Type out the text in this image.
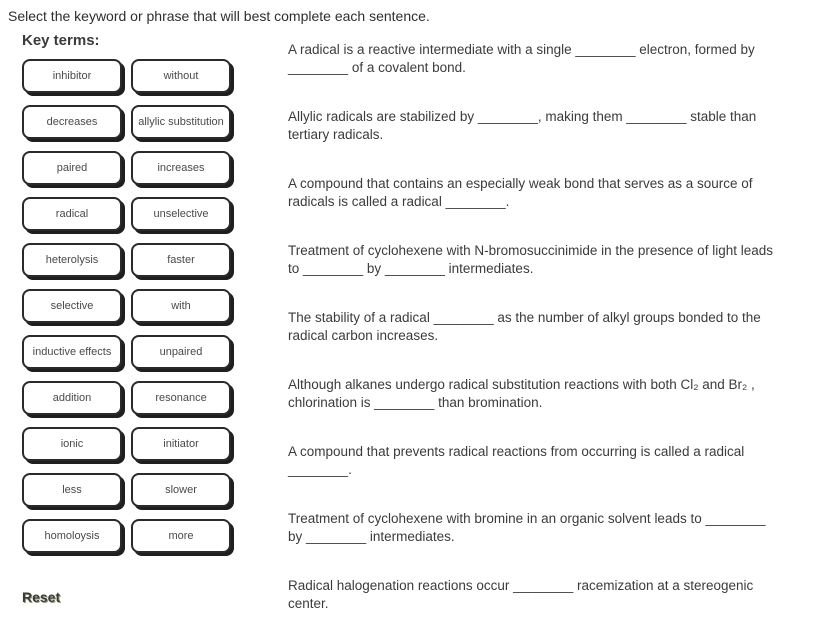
Select the keyword or phrase that will best complete each sentence.
Key terms:
inhibitor	without
decreases	allylic substitution
paired	increases
radical	unselective
heterolysis	faster
selective	with
inductive effects	unpaired
addition	resonance
ionic	initiator
less	slower
homoloysis	more
Reset
A radical is a reactive intermediate with a single ________ electron, formed by ________ of a covalent bond.
Allylic radicals are stabilized by ________, making them ________ stable than tertiary radicals.
A compound that contains an especially weak bond that serves as a source of radicals is called a radical ________.
Treatment of cyclohexene with N-bromosuccinimide in the presence of light leads to ________ by ________ intermediates.
The stability of a radical ________ as the number of alkyl groups bonded to the radical carbon increases.
Although alkanes undergo radical substitution reactions with both Cl₂ and Br₂ , chlorination is ________ than bromination.
A compound that prevents radical reactions from occurring is called a radical ________.
Treatment of cyclohexene with bromine in an organic solvent leads to ________ by ________ intermediates.
Radical halogenation reactions occur ________ racemization at a stereogenic center.
